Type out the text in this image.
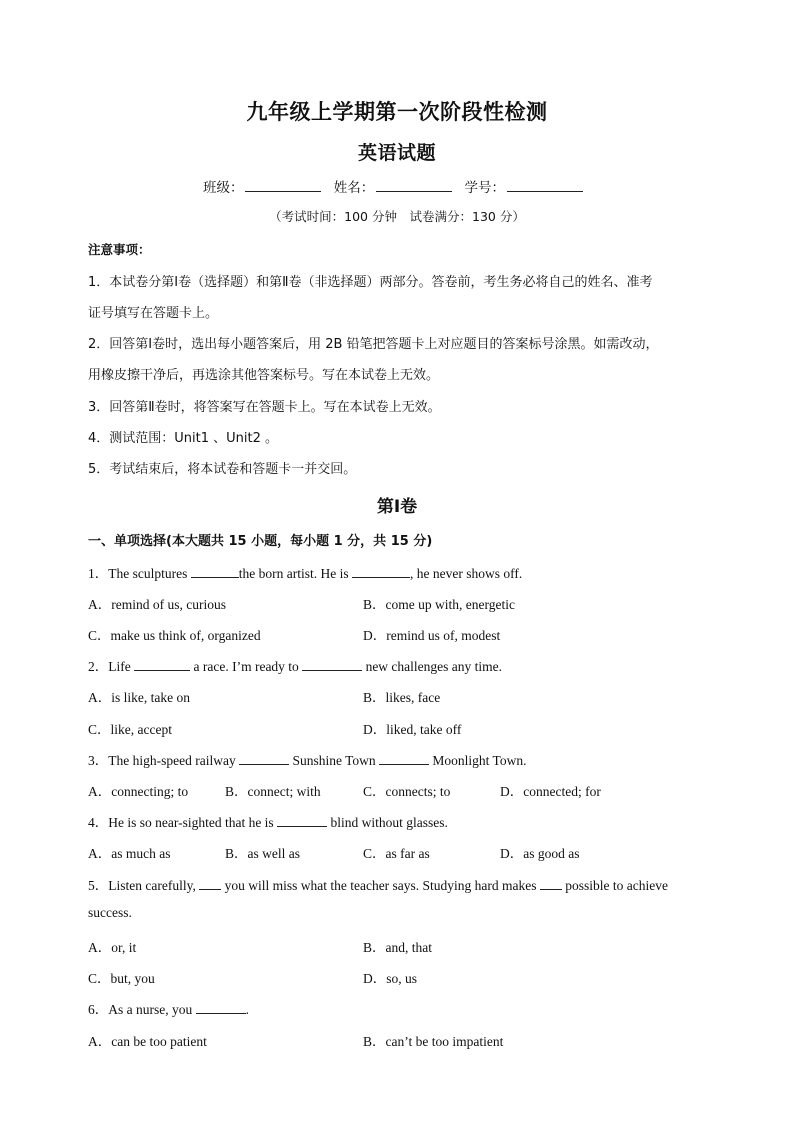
九年级上学期第一次阶段性检测
英语试题
班级：	姓名：	学号：
（考试时间：100 分钟　试卷满分：130 分）
注意事项：
1．本试卷分第Ⅰ卷（选择题）和第Ⅱ卷（非选择题）两部分。答卷前，考生务必将自己的姓名、准考
证号填写在答题卡上。
2．回答第Ⅰ卷时，选出每小题答案后，用 2B 铅笔把答题卡上对应题目的答案标号涂黑。如需改动，
用橡皮擦干净后，再选涂其他答案标号。写在本试卷上无效。
3．回答第Ⅱ卷时，将答案写在答题卡上。写在本试卷上无效。
4．测试范围：Unit1 、Unit2 。
5．考试结束后，将本试卷和答题卡一并交回。
第Ⅰ卷
一、单项选择(本大题共 15 小题，每小题 1 分，共 15 分)
1．The sculptures	the born artist. He is	, he never shows off.
A．remind of us, curious	B．come up with, energetic
C．make us think of, organized	D．remind us of, modest
2．Life	a race. I’m ready to	new challenges any time.
A．is like, take on	B．likes, face
C．like, accept	D．liked, take off
3．The high-speed railway	Sunshine Town	Moonlight Town.
A．connecting; to	B．connect; with	C．connects; to	D．connected; for
4．He is so near-sighted that he is	blind without glasses.
A．as much as	B．as well as	C．as far as	D．as good as
5．Listen carefully,  you will miss what the teacher says. Studying hard makes  possible to achieve
success.
A．or, it	B．and, that
C．but, you	D．so, us
6．As a nurse, you	.
A．can be too patient	B．can’t be too impatient
